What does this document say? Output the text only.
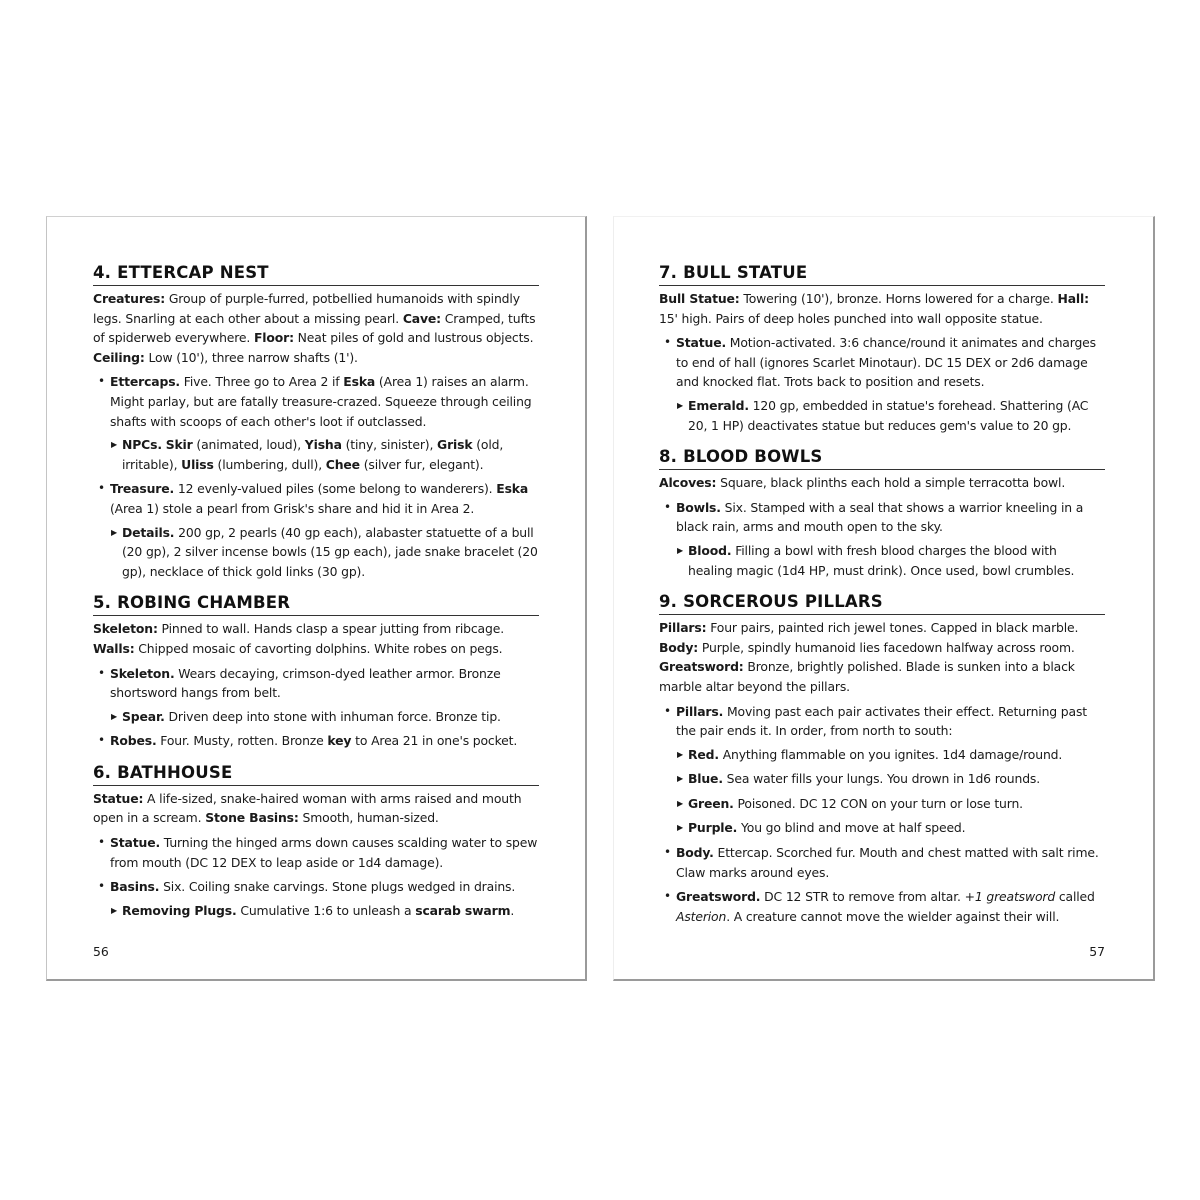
4. ETTERCAP NEST

Creatures: Group of purple-furred, potbellied humanoids with spindly legs. Snarling at each other about a missing pearl. Cave: Cramped, tufts of spiderweb everywhere. Floor: Neat piles of gold and lustrous objects. Ceiling: Low (10'), three narrow shafts (1').

• Ettercaps. Five. Three go to Area 2 if Eska (Area 1) raises an alarm. Might parlay, but are fatally treasure-crazed. Squeeze through ceiling shafts with scoops of each other's loot if outclassed.
▶ NPCs. Skir (animated, loud), Yisha (tiny, sinister), Grisk (old, irritable), Uliss (lumbering, dull), Chee (silver fur, elegant).
• Treasure. 12 evenly-valued piles (some belong to wanderers). Eska (Area 1) stole a pearl from Grisk's share and hid it in Area 2.
▶ Details. 200 gp, 2 pearls (40 gp each), alabaster statuette of a bull (20 gp), 2 silver incense bowls (15 gp each), jade snake bracelet (20 gp), necklace of thick gold links (30 gp).
5. ROBING CHAMBER

Skeleton: Pinned to wall. Hands clasp a spear jutting from ribcage. Walls: Chipped mosaic of cavorting dolphins. White robes on pegs.

• Skeleton. Wears decaying, crimson-dyed leather armor. Bronze shortsword hangs from belt.
▶ Spear. Driven deep into stone with inhuman force. Bronze tip.
• Robes. Four. Musty, rotten. Bronze key to Area 21 in one's pocket.
6. BATHHOUSE

Statue: A life-sized, snake-haired woman with arms raised and mouth open in a scream. Stone Basins: Smooth, human-sized.

• Statue. Turning the hinged arms down causes scalding water to spew from mouth (DC 12 DEX to leap aside or 1d4 damage).
• Basins. Six. Coiling snake carvings. Stone plugs wedged in drains.
▶ Removing Plugs. Cumulative 1:6 to unleash a scarab swarm.
56
7. BULL STATUE

Bull Statue: Towering (10'), bronze. Horns lowered for a charge. Hall: 15' high. Pairs of deep holes punched into wall opposite statue.

• Statue. Motion-activated. 3:6 chance/round it animates and charges to end of hall (ignores Scarlet Minotaur). DC 15 DEX or 2d6 damage and knocked flat. Trots back to position and resets.
▶ Emerald. 120 gp, embedded in statue's forehead. Shattering (AC 20, 1 HP) deactivates statue but reduces gem's value to 20 gp.
8. BLOOD BOWLS

Alcoves: Square, black plinths each hold a simple terracotta bowl.

• Bowls. Six. Stamped with a seal that shows a warrior kneeling in a black rain, arms and mouth open to the sky.
▶ Blood. Filling a bowl with fresh blood charges the blood with healing magic (1d4 HP, must drink). Once used, bowl crumbles.
9. SORCEROUS PILLARS

Pillars: Four pairs, painted rich jewel tones. Capped in black marble. Body: Purple, spindly humanoid lies facedown halfway across room. Greatsword: Bronze, brightly polished. Blade is sunken into a black marble altar beyond the pillars.

• Pillars. Moving past each pair activates their effect. Returning past the pair ends it. In order, from north to south:
▶ Red. Anything flammable on you ignites. 1d4 damage/round.
▶ Blue. Sea water fills your lungs. You drown in 1d6 rounds.
▶ Green. Poisoned. DC 12 CON on your turn or lose turn.
▶ Purple. You go blind and move at half speed.
• Body. Ettercap. Scorched fur. Mouth and chest matted with salt rime. Claw marks around eyes.
• Greatsword. DC 12 STR to remove from altar. +1 greatsword called Asterion. A creature cannot move the wielder against their will.
57
